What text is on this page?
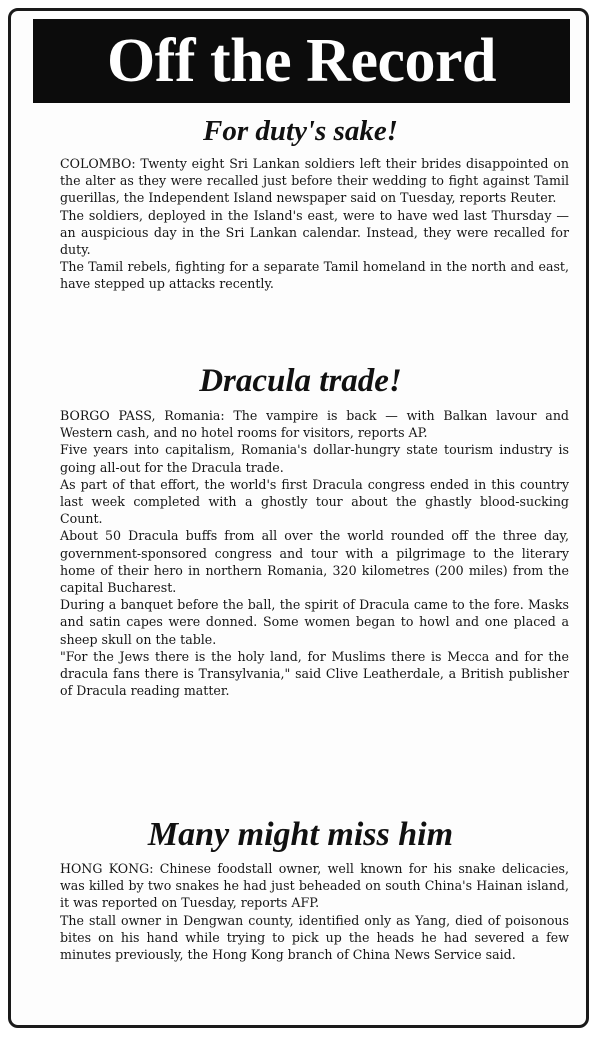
Off the Record
For duty's sake!

COLOMBO: Twenty eight Sri Lankan soldiers left their brides disappointed on the alter as they were recalled just before their wedding to fight against Tamil guerillas, the Independent Island newspaper said on Tuesday, reports Reuter.

The soldiers, deployed in the Island's east, were to have wed last Thursday — an auspicious day in the Sri Lankan calendar. Instead, they were recalled for duty.

The Tamil rebels, fighting for a separate Tamil homeland in the north and east, have stepped up attacks recently.

Dracula trade!

BORGO PASS, Romania: The vampire is back — with Balkan lavour and Western cash, and no hotel rooms for visitors, reports AP.

Five years into capitalism, Romania's dollar-hungry state tourism industry is going all-out for the Dracula trade.

As part of that effort, the world's first Dracula congress ended in this country last week completed with a ghostly tour about the ghastly blood-sucking Count.

About 50 Dracula buffs from all over the world rounded off the three day, government-sponsored congress and tour with a pilgrimage to the literary home of their hero in northern Romania, 320 kilometres (200 miles) from the capital Bucharest.

During a banquet before the ball, the spirit of Dracula came to the fore. Masks and satin capes were donned. Some women began to howl and one placed a sheep skull on the table.

"For the Jews there is the holy land, for Muslims there is Mecca and for the dracula fans there is Transylvania," said Clive Leatherdale, a British publisher of Dracula reading matter.

Many might miss him

HONG KONG: Chinese foodstall owner, well known for his snake delicacies, was killed by two snakes he had just beheaded on south China's Hainan island, it was reported on Tuesday, reports AFP.

The stall owner in Dengwan county, identified only as Yang, died of poisonous bites on his hand while trying to pick up the heads he had severed a few minutes previously, the Hong Kong branch of China News Service said.
